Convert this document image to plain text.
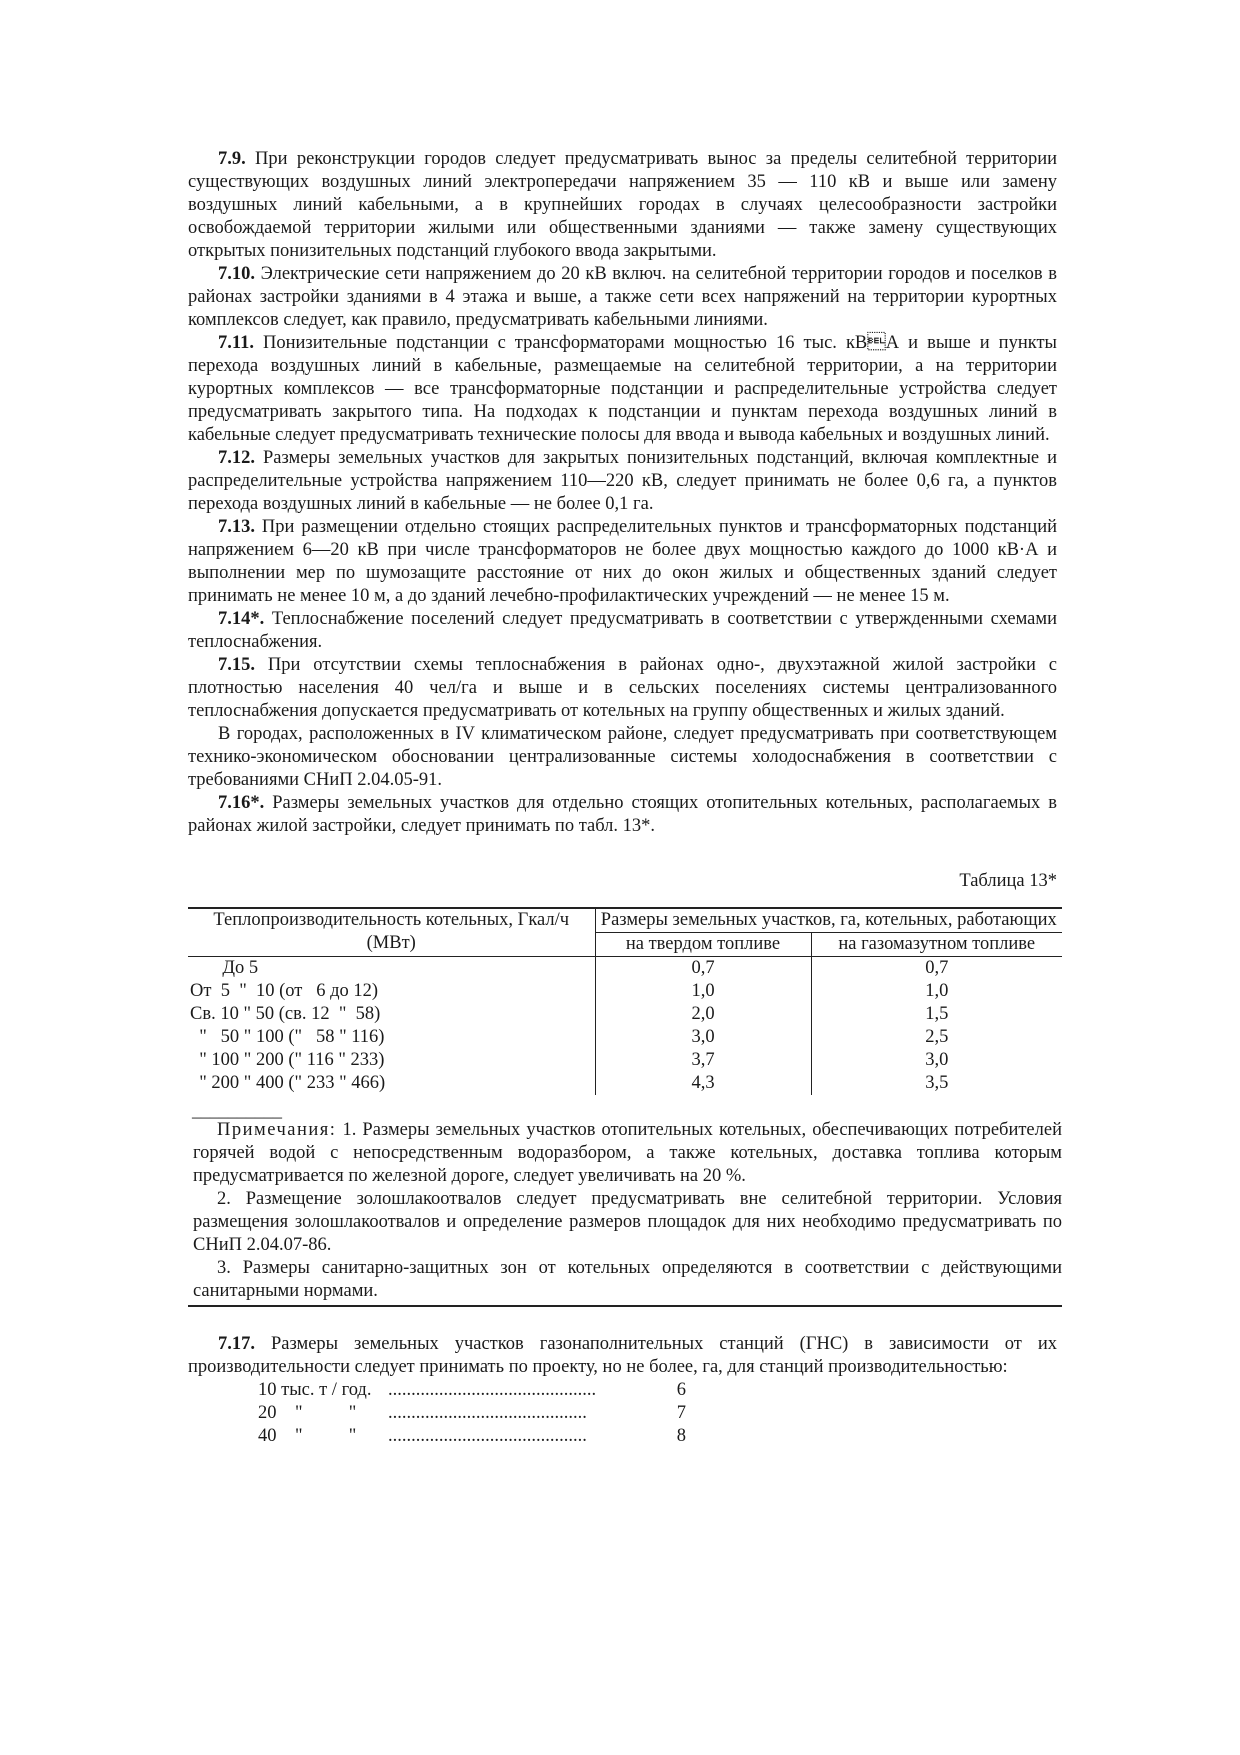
7.9. При реконструкции городов следует предусматривать вынос за пределы селитебной территории существующих воздушных линий электропередачи напряжением 35 — 110 кВ и выше или замену воздушных линий кабельными, а в крупнейших городах в случаях целесообразности застройки освобождаемой территории жилыми или общественными зданиями — также замену существующих открытых понизительных подстанций глубокого ввода закрытыми.

7.10. Электрические сети напряжением до 20 кВ включ. на селитебной территории городов и поселков в районах застройки зданиями в 4 этажа и выше, а также сети всех напряжений на территории курортных комплексов следует, как правило, предусматривать кабельными линиями.

7.11. Понизительные подстанции с трансформаторами мощностью 16 тыс. кВА и выше и пункты перехода воздушных линий в кабельные, размещаемые на селитебной территории, а на территории курортных комплексов — все трансформаторные подстанции и распределительные устройства следует предусматривать закрытого типа. На подходах к подстанции и пунктам перехода воздушных линий в кабельные следует предусматривать технические полосы для ввода и вывода кабельных и воздушных линий.

7.12. Размеры земельных участков для закрытых понизительных подстанций, включая комплектные и распределительные устройства напряжением 110—220 кВ, следует принимать не более 0,6 га, а пунктов перехода воздушных линий в кабельные — не более 0,1 га.

7.13. При размещении отдельно стоящих распределительных пунктов и трансформаторных подстанций напряжением 6—20 кВ при числе трансформаторов не более двух мощностью каждого до 1000 кВ·А и выполнении мер по шумозащите расстояние от них до окон жилых и общественных зданий следует принимать не менее 10 м, а до зданий лечебно-профилактических учреждений — не менее 15 м.

7.14*. Теплоснабжение поселений следует предусматривать в соответствии с утвержденными схемами теплоснабжения.

7.15. При отсутствии схемы теплоснабжения в районах одно-, двухэтажной жилой застройки с плотностью населения 40 чел/га и выше и в сельских поселениях системы централизованного теплоснабжения допускается предусматривать от котельных на группу общественных и жилых зданий.

В городах, расположенных в IV климатическом районе, следует предусматривать при соответствующем технико-экономическом обосновании централизованные системы холодоснабжения в соответствии с требованиями СНиП 2.04.05-91.

7.16*. Размеры земельных участков для отдельно стоящих отопительных котельных, располагаемых в районах жилой застройки, следует принимать по табл. 13*.

Таблица 13*
Теплопроизводительность котельных, Гкал/ч (МВт)	Размеры земельных участков, га, котельных, работающих	
	на твердом топливе	на газомазутном топливе
До 5	0,7	0,7
От  5  "  10 (от   6 до 12)	1,0	1,0
Св. 10 " 50 (св. 12  "  58)	2,0	1,5
"   50 " 100 ("   58 " 116)	3,0	2,5
" 100 " 200 (" 116 " 233)	3,7	3,0
" 200 " 400 (" 233 " 466)	4,3	3,5
__________

Примечания: 1. Размеры земельных участков отопительных котельных, обеспечивающих потребителей горячей водой с непосредственным водоразбором, а также котельных, доставка топлива которым предусматривается по железной дороге, следует увеличивать на 20 %.

2. Размещение золошлакоотвалов следует предусматривать вне селитебной территории. Условия размещения золошлакоотвалов и определение размеров площадок для них необходимо предусматривать по СНиП 2.04.07-86.

3. Размеры санитарно-защитных зон от котельных определяются в соответствии с действующими санитарными нормами.

7.17. Размеры земельных участков газонаполнительных станций (ГНС) в зависимости от их производительности следует принимать по проекту, но не более, га, для станций производительностью:

10 тыс. т / год. .............................................	6
20    "          "	...........................................	7
40    "          "	...........................................	8
